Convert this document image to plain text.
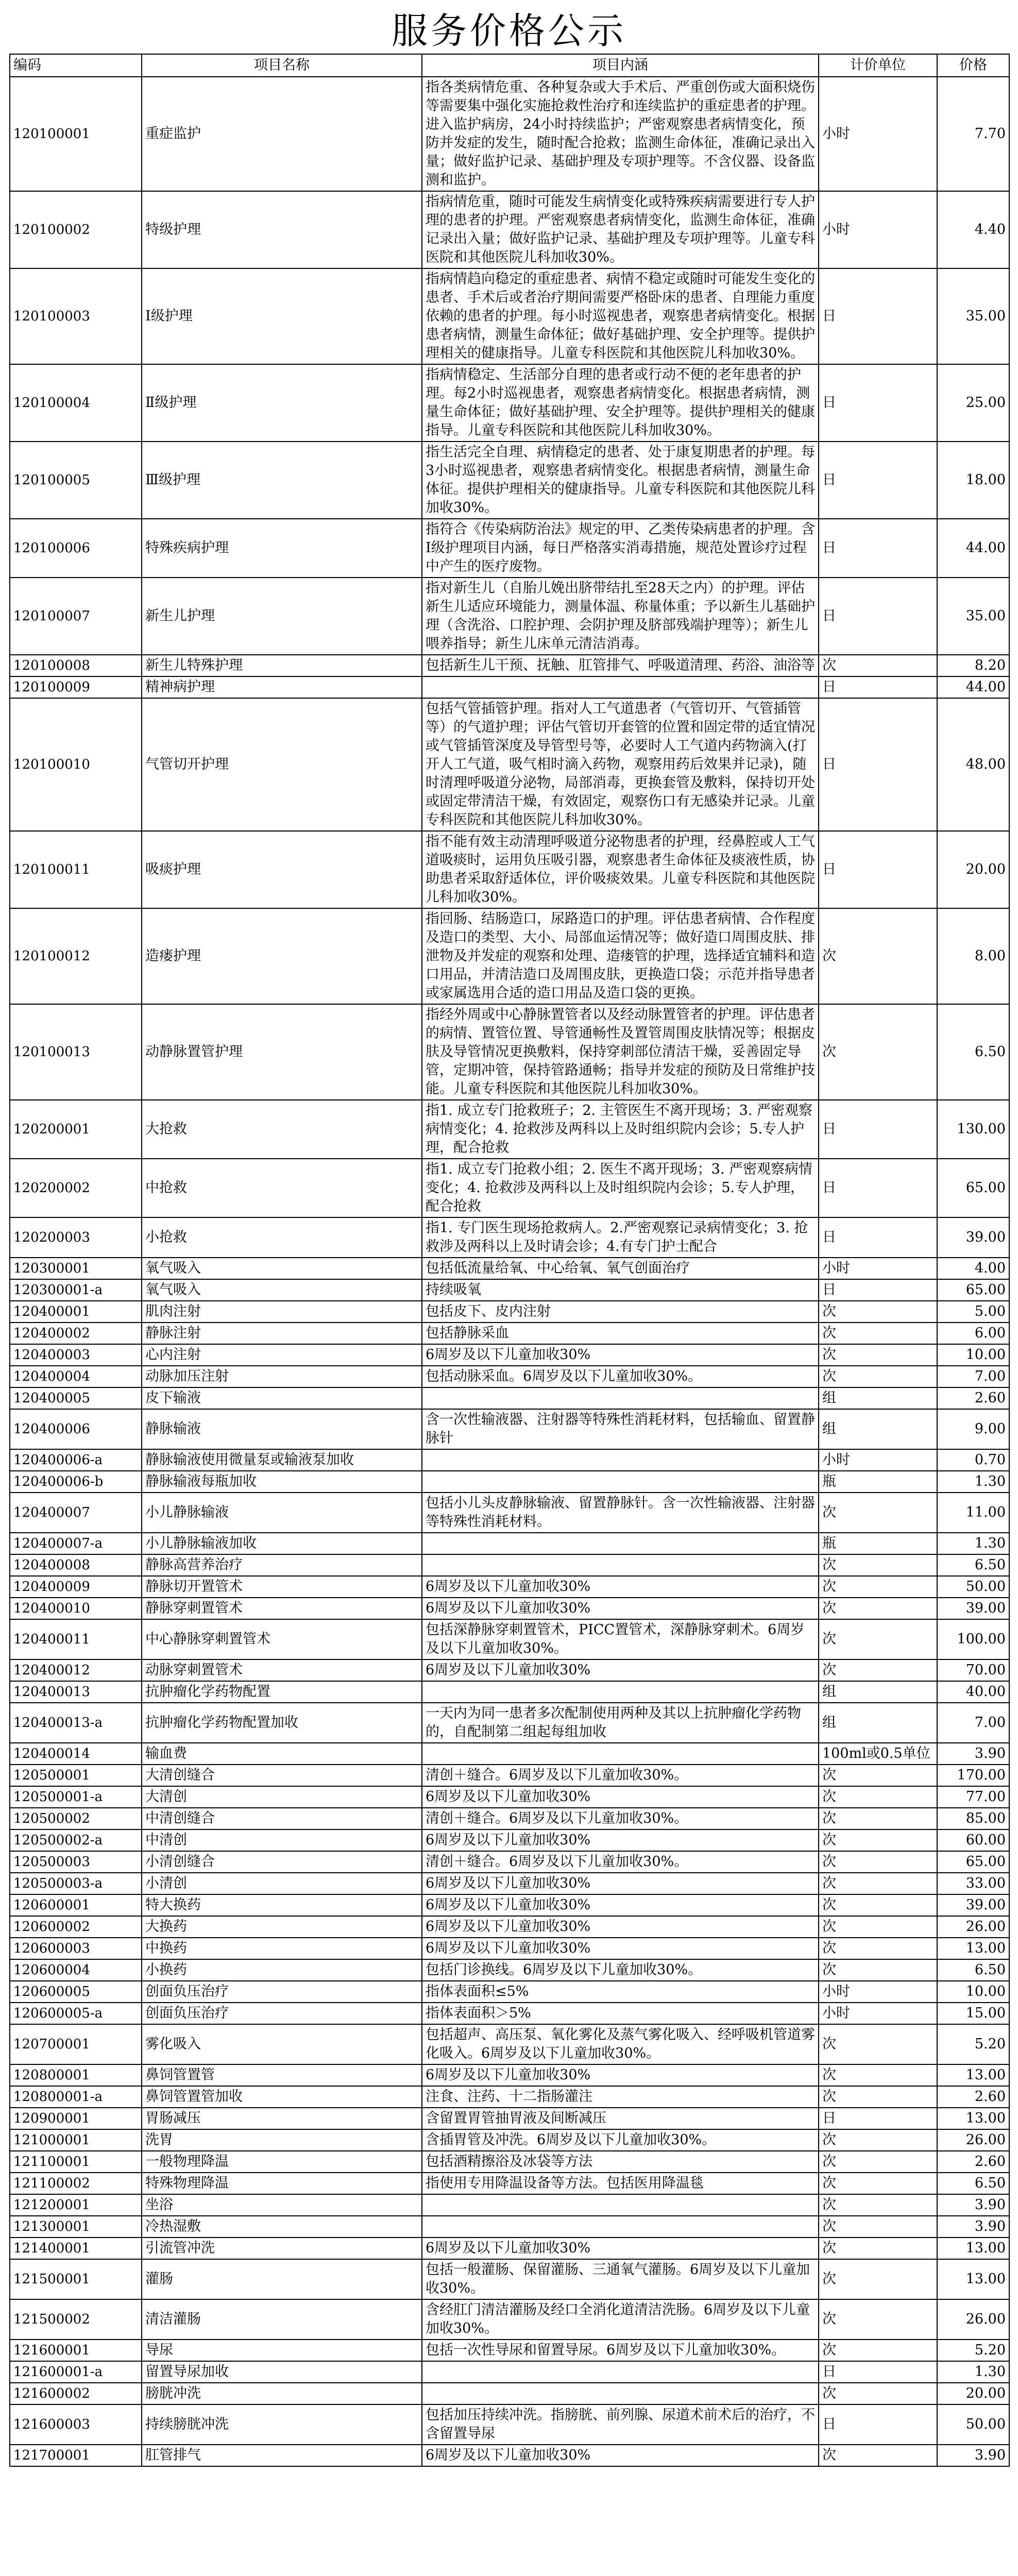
服务价格公示
编码	项目名称	项目内涵	计价单位	价格
120100001	重症监护	指各类病情危重、各种复杂或大手术后、严重创伤或大面积烧伤等需要集中强化实施抢救性治疗和连续监护的重症患者的护理。进入监护病房，24小时持续监护；严密观察患者病情变化，预防并发症的发生，随时配合抢救；监测生命体征，准确记录出入量；做好监护记录、基础护理及专项护理等。不含仪器、设备监测和监护。	小时	7.70
120100002	特级护理	指病情危重，随时可能发生病情变化或特殊疾病需要进行专人护理的患者的护理。严密观察患者病情变化，监测生命体征，准确记录出入量；做好监护记录、基础护理及专项护理等。儿童专科医院和其他医院儿科加收30%。	小时	4.40
120100003	Ⅰ级护理	指病情趋向稳定的重症患者、病情不稳定或随时可能发生变化的患者、手术后或者治疗期间需要严格卧床的患者、自理能力重度依赖的患者的护理。每小时巡视患者，观察患者病情变化。根据患者病情，测量生命体征；做好基础护理、安全护理等。提供护理相关的健康指导。儿童专科医院和其他医院儿科加收30%。	日	35.00
120100004	Ⅱ级护理	指病情稳定、生活部分自理的患者或行动不便的老年患者的护理。每2小时巡视患者，观察患者病情变化。根据患者病情，测量生命体征；做好基础护理、安全护理等。提供护理相关的健康指导。儿童专科医院和其他医院儿科加收30%。	日	25.00
120100005	Ⅲ级护理	指生活完全自理、病情稳定的患者、处于康复期患者的护理。每3小时巡视患者，观察患者病情变化。根据患者病情，测量生命体征。提供护理相关的健康指导。儿童专科医院和其他医院儿科加收30%。	日	18.00
120100006	特殊疾病护理	指符合《传染病防治法》规定的甲、乙类传染病患者的护理。含Ⅰ级护理项目内涵，每日严格落实消毒措施，规范处置诊疗过程中产生的医疗废物。	日	44.00
120100007	新生儿护理	指对新生儿（自胎儿娩出脐带结扎至28天之内）的护理。评估新生儿适应环境能力，测量体温、称量体重；予以新生儿基础护理（含洗浴、口腔护理、会阴护理及脐部残端护理等）；新生儿喂养指导；新生儿床单元清洁消毒。	日	35.00
120100008	新生儿特殊护理	包括新生儿干预、抚触、肛管排气、呼吸道清理、药浴、油浴等	次	8.20
120100009	精神病护理		日	44.00
120100010	气管切开护理	包括气管插管护理。指对人工气道患者（气管切开、气管插管等）的气道护理；评估气管切开套管的位置和固定带的适宜情况或气管插管深度及导管型号等，必要时人工气道内药物滴入(打开人工气道，吸气相时滴入药物，观察用药后效果并记录)，随时清理呼吸道分泌物，局部消毒，更换套管及敷料，保持切开处或固定带清洁干燥，有效固定，观察伤口有无感染并记录。儿童专科医院和其他医院儿科加收30%。	日	48.00
120100011	吸痰护理	指不能有效主动清理呼吸道分泌物患者的护理，经鼻腔或人工气道吸痰时，运用负压吸引器，观察患者生命体征及痰液性质，协助患者采取舒适体位，评价吸痰效果。儿童专科医院和其他医院儿科加收30%。	日	20.00
120100012	造瘘护理	指回肠、结肠造口，尿路造口的护理。评估患者病情、合作程度及造口的类型、大小、局部血运情况等；做好造口周围皮肤、排泄物及并发症的观察和处理、造瘘管的护理，选择适宜辅料和造口用品，并清洁造口及周围皮肤，更换造口袋；示范并指导患者或家属选用合适的造口用品及造口袋的更换。	次	8.00
120100013	动静脉置管护理	指经外周或中心静脉置管者以及经动脉置管者的护理。评估患者的病情、置管位置、导管通畅性及置管周围皮肤情况等；根据皮肤及导管情况更换敷料，保持穿刺部位清洁干燥，妥善固定导管，定期冲管，保持管路通畅；指导并发症的预防及日常维护技能。儿童专科医院和其他医院儿科加收30%。	次	6.50
120200001	大抢救	指1. 成立专门抢救班子；2. 主管医生不离开现场；3. 严密观察病情变化；4. 抢救涉及两科以上及时组织院内会诊；5.专人护理，配合抢救	日	130.00
120200002	中抢救	指1. 成立专门抢救小组；2. 医生不离开现场；3. 严密观察病情变化；4. 抢救涉及两科以上及时组织院内会诊；5.专人护理，配合抢救	日	65.00
120200003	小抢救	指1. 专门医生现场抢救病人。2.严密观察记录病情变化；3. 抢救涉及两科以上及时请会诊；4.有专门护士配合	日	39.00
120300001	氧气吸入	包括低流量给氧、中心给氧、氧气创面治疗	小时	4.00
120300001-a	氧气吸入	持续吸氧	日	65.00
120400001	肌肉注射	包括皮下、皮内注射	次	5.00
120400002	静脉注射	包括静脉采血	次	6.00
120400003	心内注射	6周岁及以下儿童加收30%	次	10.00
120400004	动脉加压注射	包括动脉采血。6周岁及以下儿童加收30%。	次	7.00
120400005	皮下输液		组	2.60
120400006	静脉输液	含一次性输液器、注射器等特殊性消耗材料，包括输血、留置静脉针	组	9.00
120400006-a	静脉输液使用微量泵或输液泵加收		小时	0.70
120400006-b	静脉输液每瓶加收		瓶	1.30
120400007	小儿静脉输液	包括小儿头皮静脉输液、留置静脉针。含一次性输液器、注射器等特殊性消耗材料。	次	11.00
120400007-a	小儿静脉输液加收		瓶	1.30
120400008	静脉高营养治疗		次	6.50
120400009	静脉切开置管术	6周岁及以下儿童加收30%	次	50.00
120400010	静脉穿刺置管术	6周岁及以下儿童加收30%	次	39.00
120400011	中心静脉穿刺置管术	包括深静脉穿刺置管术，PICC置管术，深静脉穿刺术。6周岁及以下儿童加收30%。	次	100.00
120400012	动脉穿刺置管术	6周岁及以下儿童加收30%	次	70.00
120400013	抗肿瘤化学药物配置		组	40.00
120400013-a	抗肿瘤化学药物配置加收	一天内为同一患者多次配制使用两种及其以上抗肿瘤化学药物的，自配制第二组起每组加收	组	7.00
120400014	输血费		100ml或0.5单位	3.90
120500001	大清创缝合	清创＋缝合。6周岁及以下儿童加收30%。	次	170.00
120500001-a	大清创	6周岁及以下儿童加收30%	次	77.00
120500002	中清创缝合	清创＋缝合。6周岁及以下儿童加收30%。	次	85.00
120500002-a	中清创	6周岁及以下儿童加收30%	次	60.00
120500003	小清创缝合	清创＋缝合。6周岁及以下儿童加收30%。	次	65.00
120500003-a	小清创	6周岁及以下儿童加收30%	次	33.00
120600001	特大换药	6周岁及以下儿童加收30%	次	39.00
120600002	大换药	6周岁及以下儿童加收30%	次	26.00
120600003	中换药	6周岁及以下儿童加收30%	次	13.00
120600004	小换药	包括门诊换线。6周岁及以下儿童加收30%。	次	6.50
120600005	创面负压治疗	指体表面积≤5%	小时	10.00
120600005-a	创面负压治疗	指体表面积＞5%	小时	15.00
120700001	雾化吸入	包括超声、高压泵、氧化雾化及蒸气雾化吸入、经呼吸机管道雾化吸入。6周岁及以下儿童加收30%。	次	5.20
120800001	鼻饲管置管	6周岁及以下儿童加收30%	次	13.00
120800001-a	鼻饲管置管加收	注食、注药、十二指肠灌注	次	2.60
120900001	胃肠减压	含留置胃管抽胃液及间断减压	日	13.00
121000001	洗胃	含插胃管及冲洗。6周岁及以下儿童加收30%。	次	26.00
121100001	一般物理降温	包括酒精擦浴及冰袋等方法	次	2.60
121100002	特殊物理降温	指使用专用降温设备等方法。包括医用降温毯	次	6.50
121200001	坐浴		次	3.90
121300001	冷热湿敷		次	3.90
121400001	引流管冲洗	6周岁及以下儿童加收30%	次	13.00
121500001	灌肠	包括一般灌肠、保留灌肠、三通氧气灌肠。6周岁及以下儿童加收30%。	次	13.00
121500002	清洁灌肠	含经肛门清洁灌肠及经口全消化道清洁洗肠。6周岁及以下儿童加收30%。	次	26.00
121600001	导尿	包括一次性导尿和留置导尿。6周岁及以下儿童加收30%。	次	5.20
121600001-a	留置导尿加收		日	1.30
121600002	膀胱冲洗		次	20.00
121600003	持续膀胱冲洗	包括加压持续冲洗。指膀胱、前列腺、尿道术前术后的治疗，不含留置导尿	日	50.00
121700001	肛管排气	6周岁及以下儿童加收30%	次	3.90
